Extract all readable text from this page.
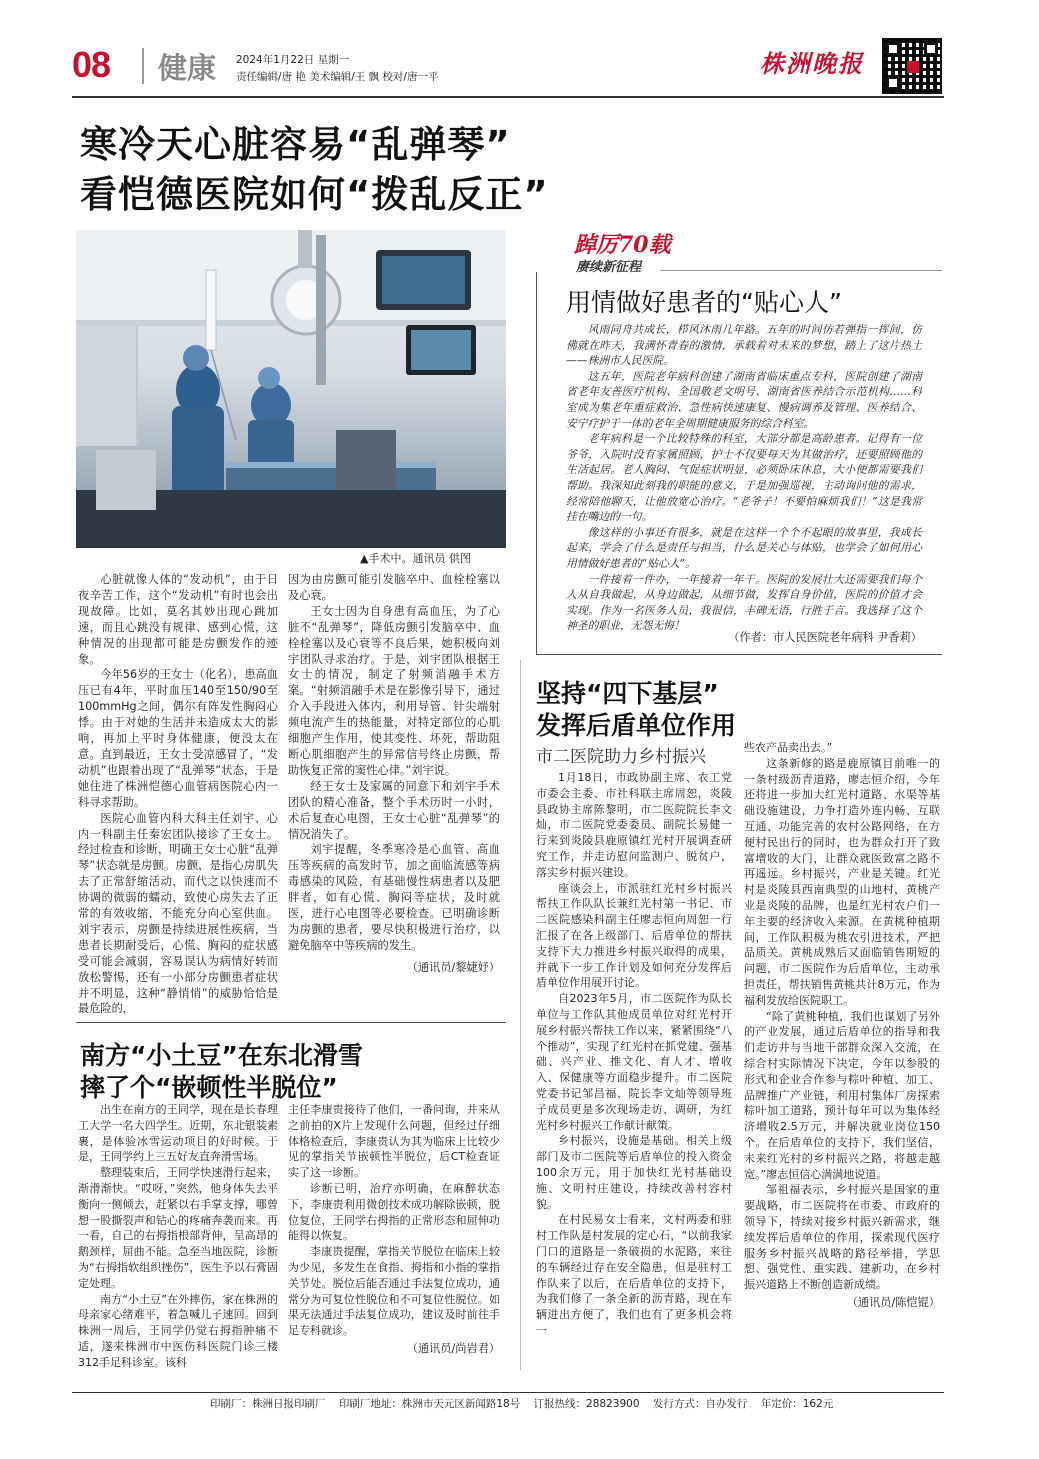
08 健康 2024年1月22日 星期一
责任编辑/唐 艳 美术编辑/王 飘 校对/唐一平	株洲晚报
寒冷天心脏容易“乱弹琴”
看恺德医院如何“拨乱反正”
▲手术中。通讯员 供图

心脏就像人体的“发动机”，由于日夜辛苦工作，这个“发动机”有时也会出现故障。比如，莫名其妙出现心跳加速，而且心跳没有规律、感到心慌，这种情况的出现都可能是房颤发作的迹象。

今年56岁的王女士（化名），患高血压已有4年，平时血压140至150/90至100mmHg之间，偶尔有阵发性胸闷心悸。由于对她的生活并未造成太大的影响，再加上平时身体健康，便没太在意。直到最近，王女士受凉感冒了，“发动机”也跟着出现了“乱弹琴”状态，于是她住进了株洲恺德心血管病医院心内一科寻求帮助。

医院心血管内科大科主任刘宇、心内一科副主任秦宏团队接诊了王女士。经过检查和诊断，明确王女士心脏“乱弹琴”状态就是房颤。房颤，是指心房肌失去了正常舒缩活动，而代之以快速而不协调的微弱的蠕动，致使心房失去了正常的有效收缩，不能充分向心室供血。刘宇表示，房颤是持续进展性疾病，当患者长期耐受后，心慌、胸闷的症状感受可能会减弱，容易误认为病情好转而放松警惕，还有一小部分房颤患者症状并不明显，这种“静悄悄”的威胁恰恰是最危险的，

因为由房颤可能引发脑卒中、血栓栓塞以及心衰。

王女士因为自身患有高血压，为了心脏不“乱弹琴”，降低房颤引发脑卒中、血栓栓塞以及心衰等不良后果，她积极向刘宇团队寻求治疗。于是，刘宇团队根据王女士的情况，制定了射频消融手术方案。“射频消融手术是在影像引导下，通过介入手段进入体内，利用导管、针尖端射频电流产生的热能量，对特定部位的心肌细胞产生作用，使其变性、坏死，帮助阻断心肌细胞产生的异常信号终止房颤，帮助恢复正常的窦性心律。”刘宇说。

经王女士及家属的同意下和刘宇手术团队的精心准备，整个手术历时一小时，术后复查心电图，王女士心脏“乱弹琴”的情况消失了。

刘宇提醒，冬季寒冷是心血管、高血压等疾病的高发时节，加之面临流感等病毒感染的风险，有基础慢性病患者以及肥胖者，如有心慌、胸闷等症状，及时就医，进行心电图等必要检查。已明确诊断为房颤的患者，要尽快积极进行治疗，以避免脑卒中等疾病的发生。

（通讯员/黎婕妤）
踔厉70载
赓续新征程
用情做好患者的“贴心人”

风雨同舟共成长，栉风沐雨几年路。五年的时间仿若弹指一挥间，仿佛就在昨天，我满怀青春的激情，承载着对未来的梦想，踏上了这片热土——株洲市人民医院。

这五年，医院老年病科创建了湖南省临床重点专科，医院创建了湖南省老年友善医疗机构、全国敬老文明号、湖南省医养结合示范机构……科室成为集老年重症救治、急性病快速康复、慢病调养及管理、医养结合、安宁疗护于一体的老年全周期健康服务的综合科室。

老年病科是一个比较特殊的科室，大部分都是高龄患者。记得有一位爷爷，入院时没有家属照顾，护士不仅要每天为其做治疗，还要照顾他的生活起居。老人胸闷、气促症状明显，必须卧床休息，大小便都需要我们帮助。我深知此刻我的职能的意义，于是加强巡视，主动询问他的需求，经常陪他聊天，让他放宽心治疗。“老爷子！不要怕麻烦我们！”这是我常挂在嘴边的一句。

像这样的小事还有很多，就是在这样一个个不起眼的故事里，我成长起来，学会了什么是责任与担当，什么是关心与体贴，也学会了如何用心用情做好患者的“贴心人”。

一件接着一件办，一年接着一年干。医院的发展壮大还需要我们每个人从自我做起，从身边做起，从细节做，发挥自身价值，医院的价值才会实现。作为一名医务人员，我很信，丰碑无语，行胜于言。我选择了这个神圣的职业，无怨无悔！

（作者：市人民医院老年病科 尹香莉）
坚持“四下基层”
发挥后盾单位作用
市二医院助力乡村振兴

1月18日，市政协副主席、农工党市委会主委、市社科联主席周恕，炎陵县政协主席陈黎明，市二医院院长李文灿，市二医院党委委员、副院长易健一行来到炎陵县鹿原镇红光村开展调查研究工作，并走访慰问监测户、脱贫户，落实乡村振兴建设。

座谈会上，市派驻红光村乡村振兴帮扶工作队队长兼红光村第一书记、市二医院感染科副主任廖志恒向周恕一行汇报了在各上级部门、后盾单位的帮扶支持下大力推进乡村振兴取得的成果，并就下一步工作计划及如何充分发挥后盾单位作用展开讨论。

自2023年5月，市二医院作为队长单位与工作队其他成员单位对红光村开展乡村振兴帮扶工作以来，紧紧围绕“八个推动”，实现了红光村在抓党建、强基础、兴产业、推文化、育人才、增收入、保健康等方面稳步提升。市二医院党委书记邹昌福、院长李文灿等领导班子成员更是多次现场走访、调研，为红光村乡村振兴工作献计献策。

乡村振兴，设施是基础。相关上级部门及市二医院等后盾单位的投入资金100余万元，用于加快红光村基础设施、文明村庄建设，持续改善村容村貌。

在村民易女士看来，文村两委和驻村工作队是村发展的定心石，“以前我家门口的道路是一条破损的水泥路，来往的车辆经过存在安全隐患，但是驻村工作队来了以后，在后盾单位的支持下，为我们修了一条全新的沥青路，现在车辆进出方便了，我们也有了更多机会将一

些农产品卖出去。”

这条新修的路是鹿原镇目前唯一的一条村级沥青道路，廖志恒介绍，今年还将进一步加大红光村道路、水渠等基础设施建设，力争打造外连内畅、互联互通、功能完善的农村公路网络，在方便村民出行的同时，也为群众打开了致富增收的大门，让群众就医致富之路不再遥远。乡村振兴，产业是关键。红光村是炎陵县西南典型的山地村，黄桃产业是炎陵的品牌，也是红光村农户们一年主要的经济收入来源。在黄桃种植期间，工作队积极为桃农引进技术，严把品质关。黄桃成熟后又面临销售期短的问题，市二医院作为后盾单位，主动承担责任，帮扶销售黄桃共计8万元，作为福利发放给医院职工。

“除了黄桃种植，我们也谋划了另外的产业发展，通过后盾单位的指导和我们走访并与当地干部群众深入交流，在综合村实际情况下决定，今年以参股的形式和企业合作参与粽叶种植、加工、品牌推广产业链，利用村集体厂房探索粽叶加工道路，预计每年可以为集体经济增收2.5万元，并解决就业岗位150个。在后盾单位的支持下，我们坚信，未来红光村的乡村振兴之路，将越走越宽。”廖志恒信心满满地说道。

邹祖福表示，乡村振兴是国家的重要战略，市二医院将在市委、市政府的领导下，持续对接乡村振兴新需求，继续发挥后盾单位的作用，探索现代医疗服务乡村振兴战略的路径举措，学思想、强党性、重实践、建新功，在乡村振兴道路上不断创造新成绩。

（通讯员/陈恺锟）
南方“小土豆”在东北滑雪
摔了个“嵌顿性半脱位”

出生在南方的王同学，现在是长春理工大学一名大四学生。近期，东北银装素裹，是体验冰雪运动项目的好时候。于是，王同学约上三五好友直奔滑雪场。

整理装束后，王同学快速滑行起来，渐滑渐快。“哎呀，”突然，他身体失去平衡向一侧倾去，赶紧以右手掌支撑，哪曾想一股撕裂声和钻心的疼痛奔袭而来。再一看，自己的右拇指根部背伸，呈高昂的鹅颈样，屈曲不能。急至当地医院，诊断为“右拇指软组织挫伤”，医生予以石膏固定处理。

南方“小土豆”在外摔伤，家在株洲的母亲家心绪难平，着急喊儿子速回。回到株洲一周后，王同学仍觉右拇指肿痛不适，遂来株洲市中医伤科医院门诊三楼312手足科诊室。该科

主任李康贵接待了他们，一番问询，并来从之前拍的X片上发现什么问题，但经过仔细体格检查后，李康贵认为其为临床上比较少见的掌指关节嵌顿性半脱位，后CT检查证实了这一诊断。

诊断已明，治疗亦明确，在麻醉状态下，李康贵利用微创技术成功解除嵌顿，脱位复位，王同学右拇指的正常形态和屈伸功能得以恢复。

李康贵提醒，掌指关节脱位在临床上较为少见，多发生在食指、拇指和小指的掌指关节处。脱位后能否通过手法复位成功，通常分为可复位性脱位和不可复位性脱位。如果无法通过手法复位成功，建议及时前往手足专科就诊。

（通讯员/尚岩君）
印刷厂：株洲日报印刷厂    印刷厂地址：株洲市天元区新闻路18号    订报热线：28823900    发行方式：自办发行    年定价：162元
